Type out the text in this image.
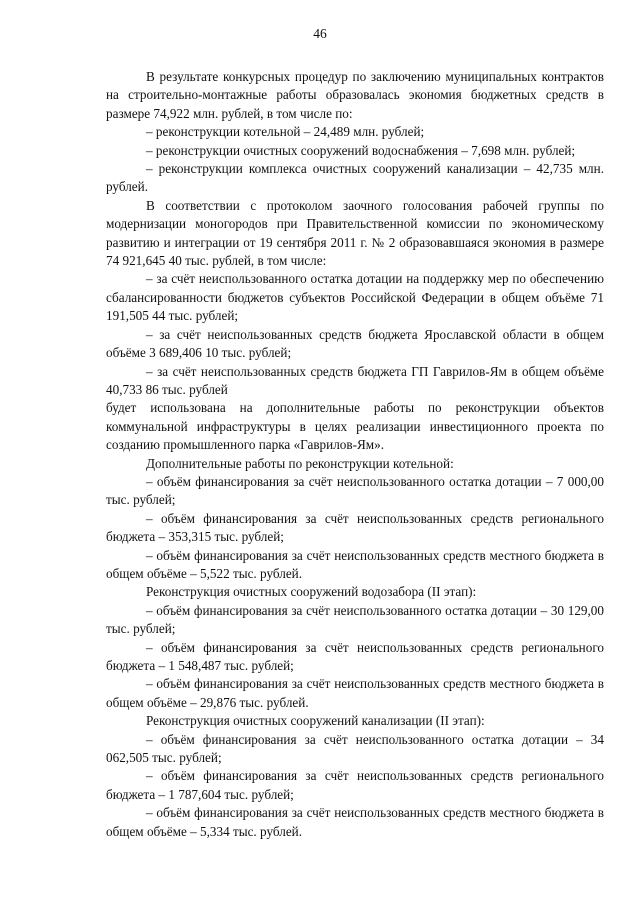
46

В результате конкурсных процедур по заключению муниципальных контрактов на строительно-монтажные работы образовалась экономия бюджетных средств в размере 74,922 млн. рублей, в том числе по:

– реконструкции котельной – 24,489 млн. рублей;

– реконструкции очистных сооружений водоснабжения – 7,698 млн. рублей;

– реконструкции комплекса очистных сооружений канализации – 42,735 млн. рублей.

В соответствии с протоколом заочного голосования рабочей группы по модернизации моногородов при Правительственной комиссии по экономическому развитию и интеграции от 19 сентября 2011 г. № 2 образовавшаяся экономия в размере 74 921,645 40 тыс. рублей, в том числе:

– за счёт неиспользованного остатка дотации на поддержку мер по обеспечению сбалансированности бюджетов субъектов Российской Федерации в общем объёме 71 191,505 44 тыс. рублей;

– за счёт неиспользованных средств бюджета Ярославской области в общем объёме 3 689,406 10 тыс. рублей;

– за счёт неиспользованных средств бюджета ГП Гаврилов-Ям в общем объёме 40,733 86 тыс. рублей

будет использована на дополнительные работы по реконструкции объектов коммунальной инфраструктуры в целях реализации инвестиционного проекта по созданию промышленного парка «Гаврилов-Ям».

Дополнительные работы по реконструкции котельной:

– объём финансирования за счёт неиспользованного остатка дотации – 7 000,00 тыс. рублей;

– объём финансирования за счёт неиспользованных средств регионального бюджета – 353,315 тыс. рублей;

– объём финансирования за счёт неиспользованных средств местного бюджета в общем объёме – 5,522 тыс. рублей.

Реконструкция очистных сооружений водозабора (II этап):

– объём финансирования за счёт неиспользованного остатка дотации – 30 129,00 тыс. рублей;

– объём финансирования за счёт неиспользованных средств регионального бюджета – 1 548,487 тыс. рублей;

– объём финансирования за счёт неиспользованных средств местного бюджета в общем объёме – 29,876 тыс. рублей.

Реконструкция очистных сооружений канализации (II этап):

– объём финансирования за счёт неиспользованного остатка дотации – 34 062,505 тыс. рублей;

– объём финансирования за счёт неиспользованных средств регионального бюджета – 1 787,604 тыс. рублей;

– объём финансирования за счёт неиспользованных средств местного бюджета в общем объёме – 5,334 тыс. рублей.
